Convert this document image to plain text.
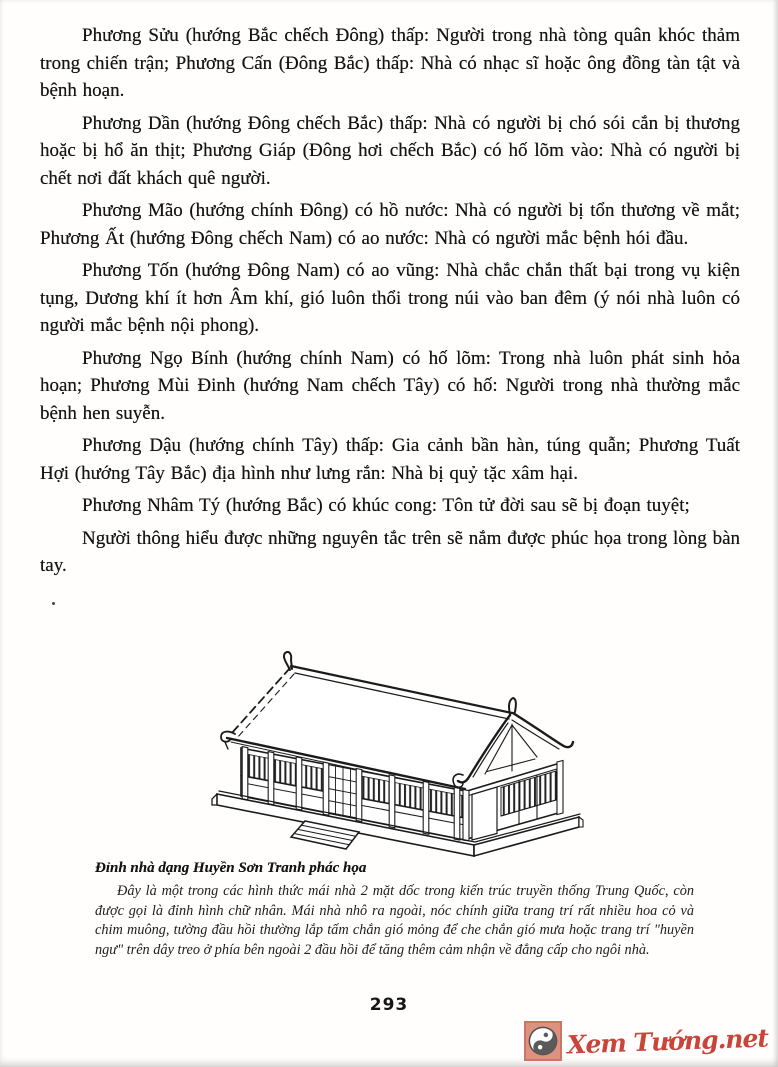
Phương Sửu (hướng Bắc chếch Đông) thấp: Người trong nhà tòng quân khóc thảm trong chiến trận; Phương Cấn (Đông Bắc) thấp: Nhà có nhạc sĩ hoặc ông đồng tàn tật và bệnh hoạn.

Phương Dần (hướng Đông chếch Bắc) thấp: Nhà có người bị chó sói cắn bị thương hoặc bị hổ ăn thịt; Phương Giáp (Đông hơi chếch Bắc) có hố lõm vào: Nhà có người bị chết nơi đất khách quê người.

Phương Mão (hướng chính Đông) có hồ nước: Nhà có người bị tổn thương về mắt; Phương Ất (hướng Đông chếch Nam) có ao nước: Nhà có người mắc bệnh hói đầu.

Phương Tốn (hướng Đông Nam) có ao vũng: Nhà chắc chắn thất bại trong vụ kiện tụng, Dương khí ít hơn Âm khí, gió luôn thổi trong núi vào ban đêm (ý nói nhà luôn có người mắc bệnh nội phong).

Phương Ngọ Bính (hướng chính Nam) có hố lõm: Trong nhà luôn phát sinh hỏa hoạn; Phương Mùi Đinh (hướng Nam chếch Tây) có hố: Người trong nhà thường mắc bệnh hen suyễn.

Phương Dậu (hướng chính Tây) thấp: Gia cảnh bần hàn, túng quẫn; Phương Tuất Hợi (hướng Tây Bắc) địa hình như lưng rắn: Nhà bị quỷ tặc xâm hại.

Phương Nhâm Tý (hướng Bắc) có khúc cong: Tôn tử đời sau sẽ bị đoạn tuyệt;

Người thông hiểu được những nguyên tắc trên sẽ nắm được phúc họa trong lòng bàn tay.

Đỉnh nhà dạng Huyền Sơn Tranh phác họa

Đây là một trong các hình thức mái nhà 2 mặt dốc trong kiến trúc truyền thống Trung Quốc, còn được gọi là đỉnh hình chữ nhân. Mái nhà nhô ra ngoài, nóc chính giữa trang trí rất nhiều hoa cỏ và chim muông, tường đầu hồi thường lắp tấm chắn gió mỏng để che chắn gió mưa hoặc trang trí "huyền ngư" trên dây treo ở phía bên ngoài 2 đầu hồi để tăng thêm cảm nhận về đẳng cấp cho ngôi nhà.

293
Xem Tướng.net
